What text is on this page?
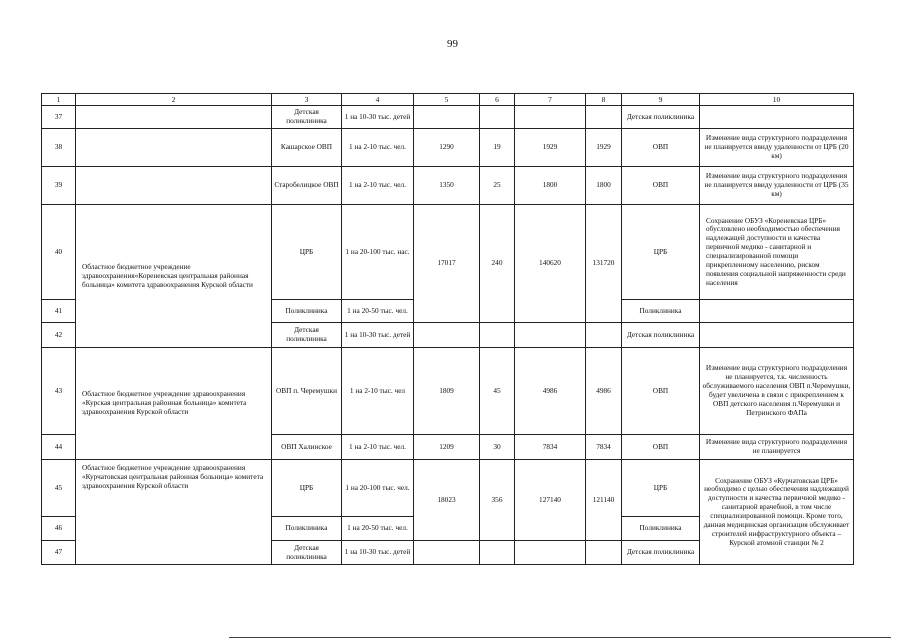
99
1	2	3	4	5	6	7	8	9	10
37		Детская поликлиника	1 на 10-30 тыс. детей					Детская поликлиника	
38		Кашарское ОВП	1 на 2-10 тыс. чел.	1290	19	1929	1929	ОВП	Изменение вида структурного подразделения не планируется ввиду удаленности от ЦРБ (20 км)
39		Старобелицкое ОВП	1 на 2-10 тыс. чел.	1350	25	1800	1800	ОВП	Изменение вида структурного подразделения не планируется ввиду удаленности от ЦРБ (35 км)
40	Областное бюджетное учреждение здравоохранения«Кореневская центральная районная больница» комитета здравоохранения Курской области	ЦРБ	1 на 20-100 тыс. нас.	17017	240	140620	131720	ЦРБ	Сохранение ОБУЗ «Кореневская ЦРБ» обусловлено необходимостью обеспечения надлежащей доступности и качества первичной медико - санитарной и специализированной помощи прикрепленному населению, риском появления социальной напряженности среди населения
41		Поликлиника	1 на 20-50 тыс. чел.					Поликлиника	
42		Детская поликлиника	1 на 10-30 тыс. детей					Детская поликлиника	
43	Областное бюджетное учреждение здравоохранения «Курская центральная районная больница» комитета здравоохранения Курской области	ОВП п. Черемушки	1 на 2-10 тыс. чел	1809	45	4986	4986	ОВП	Изменение вида структурного подразделения не планируется, т.к. численность обслуживаемого населения ОВП п.Черемушки, будет увеличена в связи с прикреплением к ОВП детского населения п.Черемушки и Петринского ФАПа
44		ОВП Халинское	1 на 2-10 тыс. чел.	1209	30	7834	7834	ОВП	Изменение вида структурного подразделения не планируется
45	Областное бюджетное учреждение здравоохранения «Курчатовская центральная районная больница» комитета здравоохранения Курской области	ЦРБ	1 на 20-100 тыс. чел.	18023	356	127140	121140	ЦРБ	Сохранение ОБУЗ «Курчатовская ЦРБ» необходимо с целью обеспечения надлежащей доступности и качества первичной медико - санитарной врачебной, в том числе специализированной помощи. Кроме того, данная медицинская организация обслуживает строителей инфраструктурного объекта – Курской атомной станции № 2
46		Поликлиника	1 на 20-50 тыс. чел.					Поликлиника	
47		Детская поликлиника	1 на 10-30 тыс. детей					Детская поликлиника	
